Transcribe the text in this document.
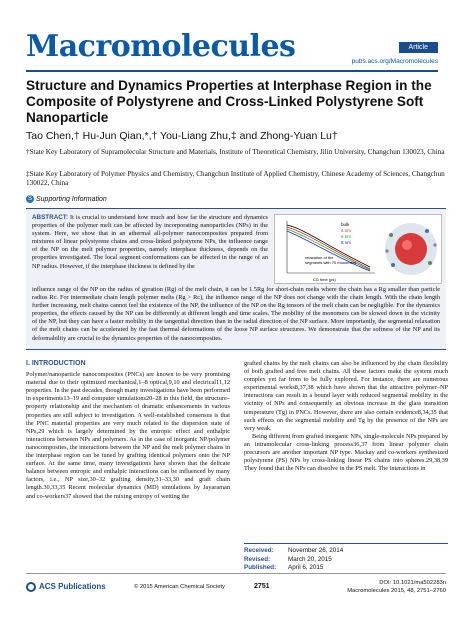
Macromolecules	Article
pubs.acs.org/Macromolecules
Structure and Dynamics Properties at Interphase Region in the Composite of Polystyrene and Cross-Linked Polystyrene Soft Nanoparticle
Tao Chen,† Hu-Jun Qian,*,† You-Liang Zhu,‡ and Zhong-Yuan Lu†
†State Key Laboratory of Supramolecular Structure and Materials, Institute of Theoretical Chemistry, Jilin University, Changchun 130023, China
‡State Key Laboratory of Polymer Physics and Chemistry, Changchun Institute of Applied Chemistry, Chinese Academy of Sciences, Changchun 130022, China
S Supporting Information
ABSTRACT: It is crucial to understand how much and how far the structure and dynamics properties of the polymer melt can be affected by incorporating nanoparticles (NPs) in the system. Here, we show that in an athermal all-polymer nanocomposites prepared from mixtures of linear polystyrene chains and cross-linked polystyrene NPs, the influence range of the NP on the melt polymer properties, namely interphase thickness, depends on the properties investigated. The local segment conformations can be affected in the range of an NP radius. However, if the interphase thickness is defined by the
bulk
4 nm
6 nm
8 nm
relaxation of the
segments with 70 monomers
CG time (ps)
influence range of the NP on the radius of gyration (Rg) of the melt chain, it can be 1.5Rg for short-chain melts where the chain has a Rg smaller than particle radius Rc. For intermediate chain length polymer melts (Rg > Rc), the influence range of the NP does not change with the chain length. With the chain length further increasing, melt chains cannot feel the existence of the NP, the influence of the NP on the Rg tensors of the melt chain can be negligible. For the dynamics properties, the effects caused by the NP can be differently at different length and time scales. The mobility of the monomers can be slowed down in the vicinity of the NP, but they can have a faster mobility in the tangential direction than in the radial direction of the NP surface. More importantly, the segmental relaxation of the melt chains can be accelerated by the fast thermal deformations of the loose NP surface structures. We demonstrate that the softness of the NP and its deformability are crucial to the dynamics properties of the nanocomposites.
I. INTRODUCTION

Polymer/nanoparticle nanocomposites (PNCs) are known to be very promising material due to their optimized mechanical,1–8 optical,9,10 and electrical11,12 properties. In the past decades, though many investigations have been performed in experiments13–19 and computer simulations20–28 in this field, the structure–property relationship and the mechanism of dramatic enhancements in various properties are still subject to investigation. A well-established consensus is that the PNC material properties are very much related to the dispersion state of NPs,29 which is largely determined by the entropic effect and enthalpic interactions between NPs and polymers. As in the case of inorganic NP/polymer nanocomposites, the interactions between the NP and the melt polymer chains in the interphase region can be tuned by grafting identical polymers onto the NP surface. At the same time, many investigations have shown that the delicate balance between entropic and enthalpic interactions can be influenced by many factors, i.e., NP size,30–32 grafting density,31–33,30 and graft chain length.30,33,35 Recent molecular dynamics (MD) simulations by Jayaraman and co-workers37 showed that the mixing entropy of wetting the

grafted chains by the melt chains can also be influenced by the chain flexibility of both grafted and free melt chains. All these factors make the system much complex yet far from to be fully explored. For instance, there are numerous experimental works8,37,38 which have shown that the attractive polymer–NP interactions can result in a bound layer with reduced segmental mobility in the vicinity of NPs and consequently an obvious increase in the glass transition temperature (Tg) in PNCs. However, there are also certain evidence8,34,35 that such effects on the segmental mobility and Tg by the presence of the NPs are very weak.

Being different from grafted inorganic NPs, single-molecule NPs prepared by an intramolecular cross-linking process36,37 from linear polymer chain precursors are another important NP type. Mackay and co-workers synthesized polystyrene (PS) NPs by cross-linking linear PS chains into spheres.29,38,39 They found that the NPs can dissolve in the PS melt. The interactions in

Received: November 26, 2014
Revised:	March 20, 2015
Published: April 6, 2015
ACS Publications	© 2015 American Chemical Society	2751	DOI: 10.1021/ma502283n
Macromolecules 2015, 48, 2751−2760
